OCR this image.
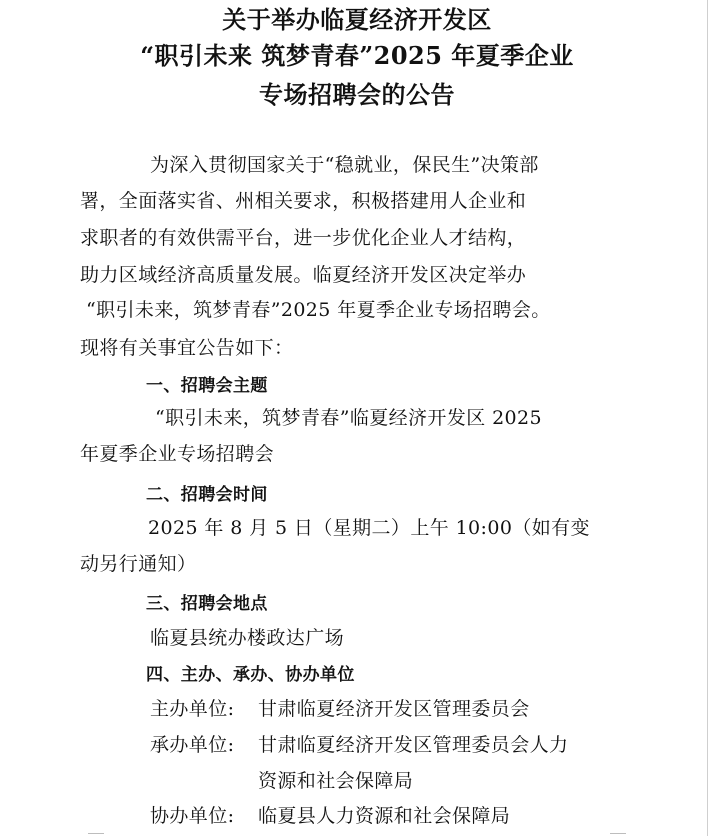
关于举办临夏经济开发区
“职引未来 筑梦青春”2025 年夏季企业
专场招聘会的公告
为深入贯彻国家关于“稳就业，保民生”决策部
署，全面落实省、州相关要求，积极搭建用人企业和
求职者的有效供需平台，进一步优化企业人才结构，
助力区域经济高质量发展。临夏经济开发区决定举办
“职引未来，筑梦青春”2025 年夏季企业专场招聘会。
现将有关事宜公告如下：
一、招聘会主题
“职引未来，筑梦青春”临夏经济开发区 2025
年夏季企业专场招聘会
二、招聘会时间
2025 年 8 月 5 日（星期二）上午 10:00（如有变
动另行通知）
三、招聘会地点
临夏县统办楼政达广场
四、主办、承办、协办单位
主办单位: 甘肃临夏经济开发区管理委员会
承办单位: 甘肃临夏经济开发区管理委员会人力
资源和社会保障局
协办单位: 临夏县人力资源和社会保障局
